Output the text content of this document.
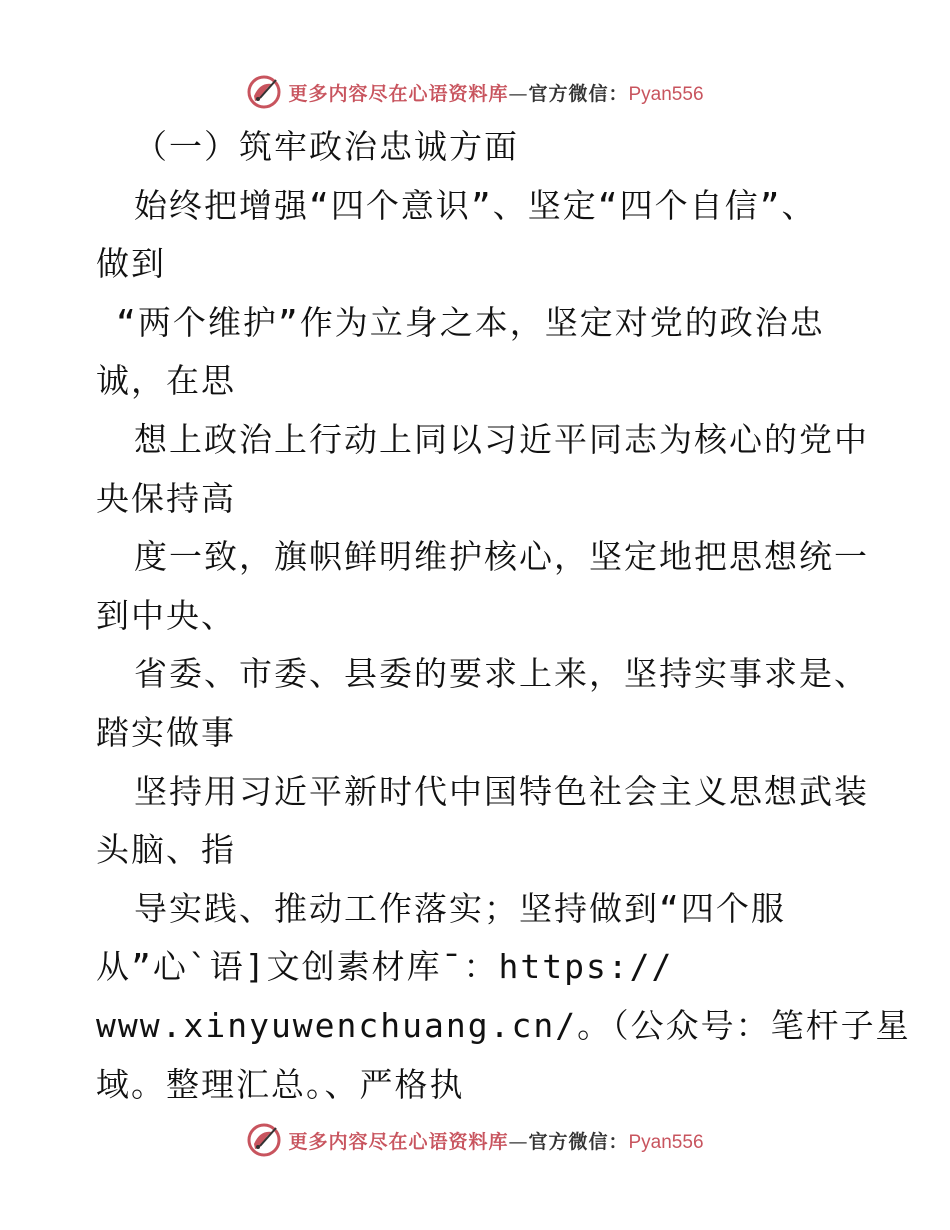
更多内容尽在心语资料库—官方微信：Pyan556
（一）筑牢政治忠诚方面
始终把增强“四个意识”、坚定“四个自信”、
做到
“两个维护”作为立身之本，坚定对党的政治忠
诚，在思
想上政治上行动上同以习近平同志为核心的党中
央保持高
度一致，旗帜鲜明维护核心，坚定地把思想统一
到中央、
省委、市委、县委的要求上来，坚持实事求是、
踏实做事
坚持用习近平新时代中国特色社会主义思想武装
头脑、指
导实践、推动工作落实；坚持做到“四个服
从”心`语]文创素材库¯：https://
www.xinyuwenchuang.cn/。（公众号：笔杆子星
域。整理汇总。、严格执
更多内容尽在心语资料库—官方微信：Pyan556
